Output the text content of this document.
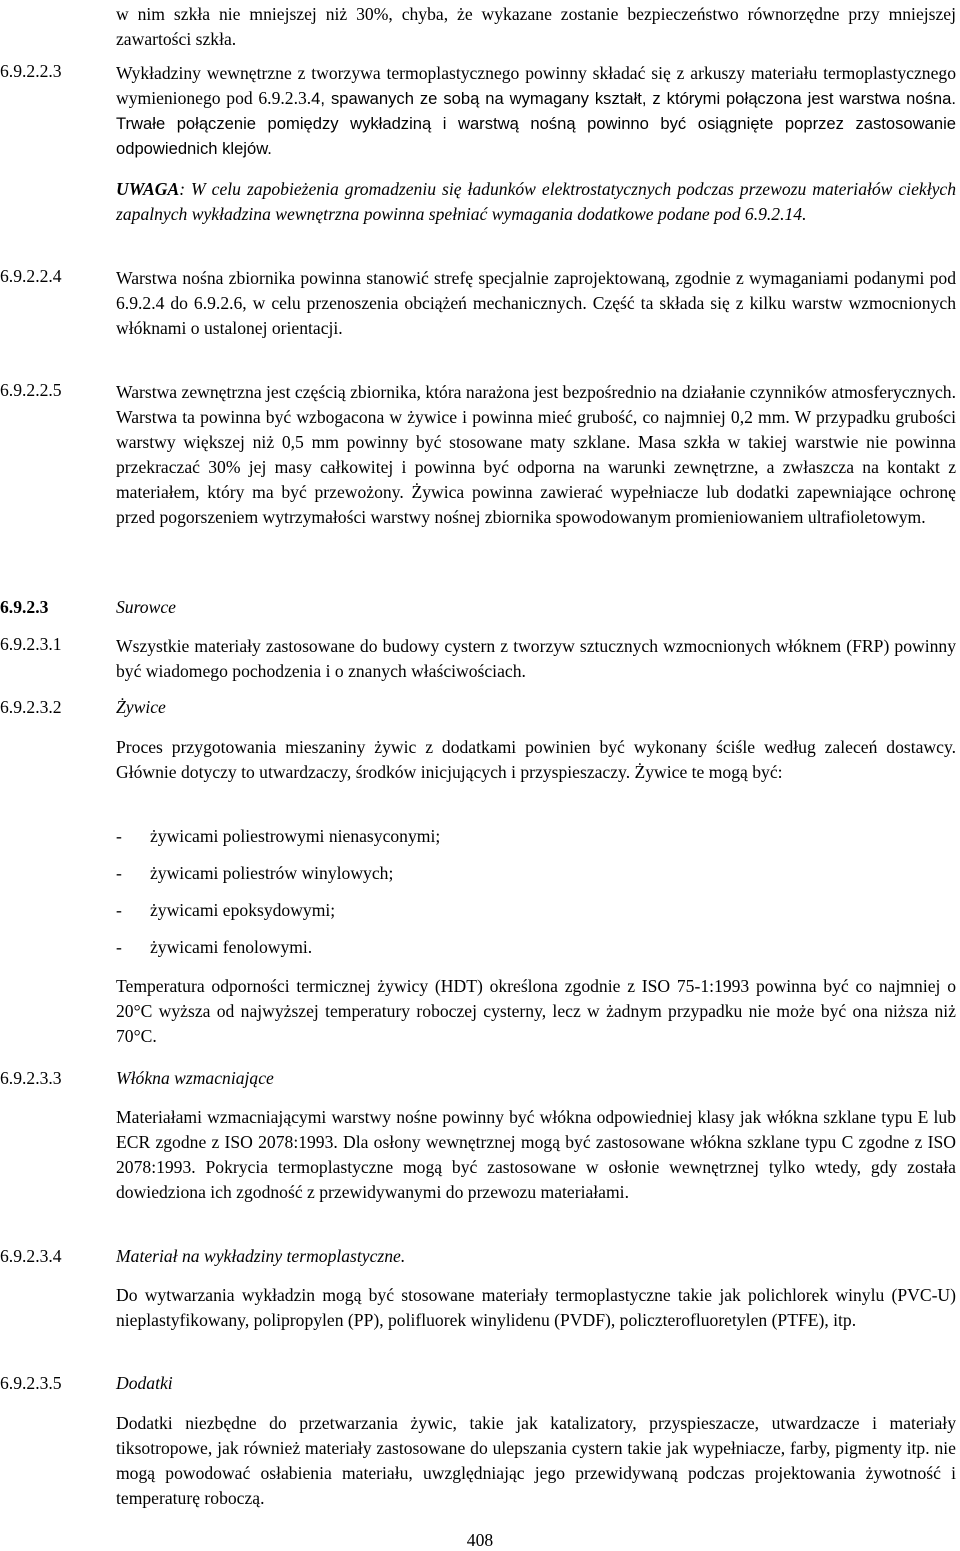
w nim szkła nie mniejszej niż 30%, chyba, że wykazane zostanie bezpieczeństwo równorzędne przy mniejszej zawartości szkła.

6.9.2.2.3	Wykładziny wewnętrzne z tworzywa termoplastycznego powinny składać się z arkuszy materiału termoplastycznego wymienionego pod 6.9.2.3.4, spawanych ze sobą na wymagany kształt, z którymi połączona jest warstwa nośna. Trwałe połączenie pomiędzy wykładziną i warstwą nośną powinno być osiągnięte poprzez zastosowanie odpowiednich klejów.

UWAGA: W celu zapobieżenia gromadzeniu się ładunków elektrostatycznych podczas przewozu materiałów ciekłych zapalnych wykładzina wewnętrzna powinna spełniać wymagania dodatkowe podane pod 6.9.2.14.

6.9.2.2.4	Warstwa nośna zbiornika powinna stanowić strefę specjalnie zaprojektowaną, zgodnie z wymaganiami podanymi pod 6.9.2.4 do 6.9.2.6, w celu przenoszenia obciążeń mechanicznych. Część ta składa się z kilku warstw wzmocnionych włóknami o ustalonej orientacji.

6.9.2.2.5	Warstwa zewnętrzna jest częścią zbiornika, która narażona jest bezpośrednio na działanie czynników atmosferycznych. Warstwa ta powinna być wzbogacona w żywice i powinna mieć grubość, co najmniej 0,2 mm. W przypadku grubości warstwy większej niż 0,5 mm powinny być stosowane maty szklane. Masa szkła w takiej warstwie nie powinna przekraczać 30% jej masy całkowitej i powinna być odporna na warunki zewnętrzne, a zwłaszcza na kontakt z materiałem, który ma być przewożony. Żywica powinna zawierać wypełniacze lub dodatki zapewniające ochronę przed pogorszeniem wytrzymałości warstwy nośnej zbiornika spowodowanym promieniowaniem ultrafioletowym.

6.9.2.3	Surowce

6.9.2.3.1	Wszystkie materiały zastosowane do budowy cystern z tworzyw sztucznych wzmocnionych włóknem (FRP) powinny być wiadomego pochodzenia i o znanych właściwościach.

6.9.2.3.2	Żywice

Proces przygotowania mieszaniny żywic z dodatkami powinien być wykonany ściśle według zaleceń dostawcy. Głównie dotyczy to utwardzaczy, środków inicjujących i przyspieszaczy. Żywice te mogą być:

- żywicami poliestrowymi nienasyconymi;
- żywicami poliestrów winylowych;
- żywicami epoksydowymi;
- żywicami fenolowymi.

Temperatura odporności termicznej żywicy (HDT) określona zgodnie z ISO 75-1:1993 powinna być co najmniej o 20°C wyższa od najwyższej temperatury roboczej cysterny, lecz w żadnym przypadku nie może być ona niższa niż 70°C.

6.9.2.3.3	Włókna wzmacniające

Materiałami wzmacniającymi warstwy nośne powinny być włókna odpowiedniej klasy jak włókna szklane typu E lub ECR zgodne z ISO 2078:1993. Dla osłony wewnętrznej mogą być zastosowane włókna szklane typu C zgodne z ISO 2078:1993. Pokrycia termoplastyczne mogą być zastosowane w osłonie wewnętrznej tylko wtedy, gdy została dowiedziona ich zgodność z przewidywanymi do przewozu materiałami.

6.9.2.3.4	Materiał na wykładziny termoplastyczne.

Do wytwarzania wykładzin mogą być stosowane materiały termoplastyczne takie jak polichlorek winylu (PVC-U) nieplastyfikowany, polipropylen (PP), polifluorek winylidenu (PVDF), policzterofluoretylen (PTFE), itp.

6.9.2.3.5	Dodatki

Dodatki niezbędne do przetwarzania żywic, takie jak katalizatory, przyspieszacze, utwardzacze i materiały tiksotropowe, jak również materiały zastosowane do ulepszania cystern takie jak wypełniacze, farby, pigmenty itp. nie mogą powodować osłabienia materiału, uwzględniając jego przewidywaną podczas projektowania żywotność i temperaturę roboczą.

408
